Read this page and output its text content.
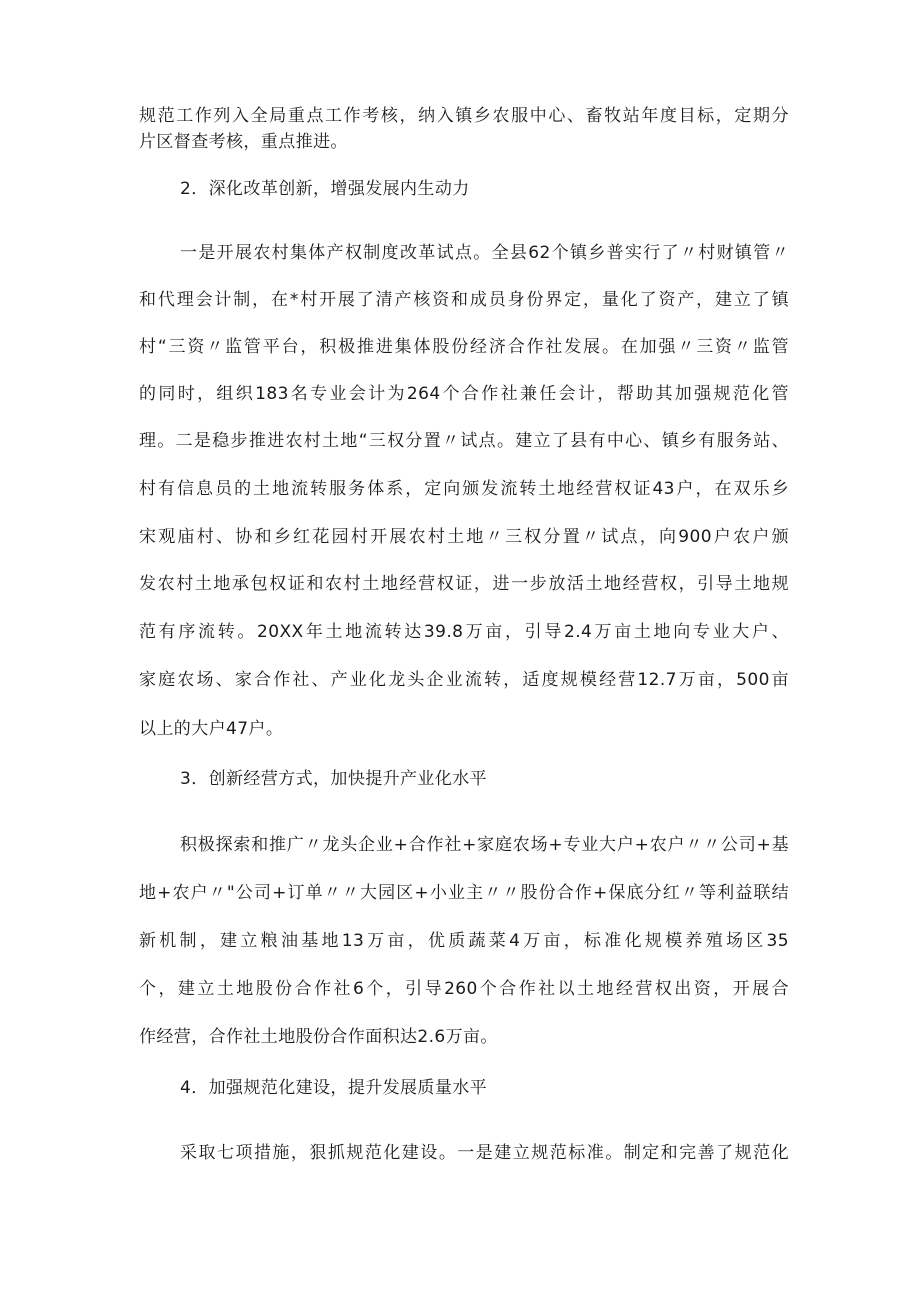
规范工作列入全局重点工作考核，纳入镇乡农服中心、畜牧站年度目标，定期分
片区督查考核，重点推进。
2．深化改革创新，增强发展内生动力
一是开展农村集体产权制度改革试点。全县62个镇乡普实行了〃村财镇管〃
和代理会计制，在*村开展了清产核资和成员身份界定，量化了资产，建立了镇
村“三资〃监管平台，积极推进集体股份经济合作社发展。在加强〃三资〃监管
的同时，组织183名专业会计为264个合作社兼任会计，帮助其加强规范化管
理。二是稳步推进农村土地“三权分置〃试点。建立了县有中心、镇乡有服务站、
村有信息员的土地流转服务体系，定向颁发流转土地经营权证43户，在双乐乡
宋观庙村、协和乡红花园村开展农村土地〃三权分置〃试点，向900户农户颁
发农村土地承包权证和农村土地经营权证，进一步放活土地经营权，引导土地规
范有序流转。20XX年土地流转达39.8万亩，引导2.4万亩土地向专业大户、
家庭农场、家合作社、产业化龙头企业流转，适度规模经营12.7万亩，500亩
以上的大户47户。
3．创新经营方式，加快提升产业化水平
积极探索和推广〃龙头企业+合作社+家庭农场+专业大户+农户〃〃公司+基
地+农户〃"公司+订单〃〃大园区+小业主〃〃股份合作+保底分红〃等利益联结
新机制，建立粮油基地13万亩，优质蔬菜4万亩，标准化规模养殖场区35
个，建立土地股份合作社6个，引导260个合作社以土地经营权出资，开展合
作经营，合作社土地股份合作面积达2.6万亩。
4．加强规范化建设，提升发展质量水平
采取七项措施，狠抓规范化建设。一是建立规范标准。制定和完善了规范化
